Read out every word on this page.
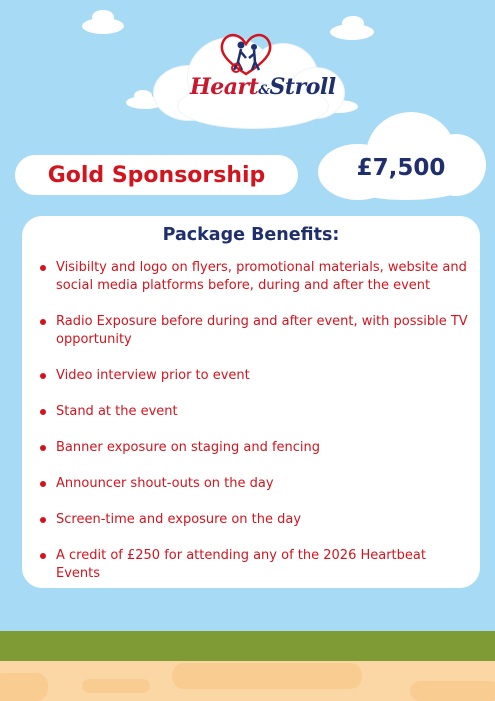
Heart&Stroll
Gold Sponsorship	£7,500
Package Benefits:
Visibilty and logo on flyers, promotional materials, website and social media platforms before, during and after the event
Radio Exposure before during and after event, with possible TV opportunity
Video interview prior to event
Stand at the event
Banner exposure on staging and fencing
Announcer shout-outs on the day
Screen-time and exposure on the day
A credit of £250 for attending any of the 2026 Heartbeat Events
